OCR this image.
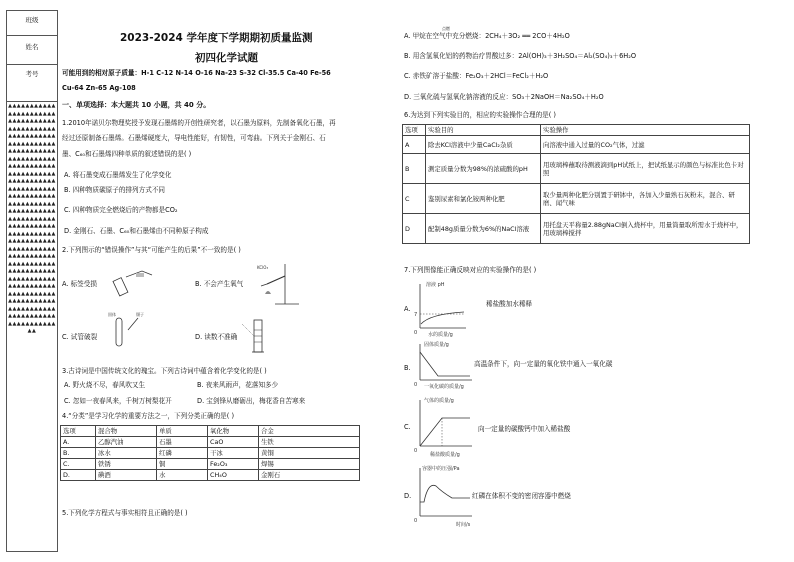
班级
姓名
考号
▲▲▲▲▲▲▲▲▲▲▲▲▲▲▲▲▲▲▲▲▲▲▲▲▲▲▲▲▲▲▲▲▲▲▲▲▲▲▲▲▲▲▲▲▲▲▲▲▲▲▲▲▲▲▲▲▲▲▲▲▲▲▲▲▲▲▲▲▲▲▲▲▲▲▲▲▲▲▲▲▲▲▲▲▲▲▲▲▲▲▲▲▲▲▲▲▲▲▲▲▲▲▲▲▲▲▲▲▲▲▲▲▲▲▲▲▲▲▲▲▲▲▲▲▲▲▲▲▲▲▲▲▲▲▲▲▲▲▲▲▲▲▲▲▲▲▲▲▲▲▲▲▲▲▲▲▲▲▲▲▲▲▲▲▲▲▲▲▲▲▲▲▲▲▲▲▲▲▲▲▲▲▲▲▲▲▲▲▲▲▲▲▲▲▲▲▲▲▲▲▲▲▲▲▲▲▲▲▲▲▲▲▲▲▲▲▲▲▲▲▲▲▲▲▲▲▲▲▲▲▲▲▲▲▲▲▲▲▲▲▲▲▲▲▲▲▲▲▲▲▲▲▲▲▲▲▲▲▲▲▲▲▲▲▲▲▲▲▲▲▲▲▲▲▲▲▲▲▲▲▲▲▲▲▲▲▲▲▲▲▲▲▲▲▲▲▲▲▲▲▲▲▲▲▲▲▲▲▲▲▲▲▲▲▲▲▲▲▲▲▲▲▲▲▲▲▲▲▲▲▲▲
2023-2024 学年度下学期期初质量监测
初四化学试题
可能用到的相对原子质量：H-1 C-12 N-14 O-16 Na-23 S-32 Cl-35.5 Ca-40 Fe-56
Cu-64 Zn-65 Ag-108
一、单项选择：本大题共 10 小题，共 40 分。
1.2010年诺贝尔物理奖授予发现石墨烯的开创性研究者，以石墨为原料，先制备氧化石墨，再
经过还原制备石墨烯。石墨烯硬度大，导电性能好，有韧性，可弯曲。下列关于金刚石、石
墨、C₆₀和石墨烯四种单质的叙述错误的是( )
A. 将石墨变成石墨烯发生了化学变化
B. 四种物质碳原子的排列方式不同
C. 四种物质完全燃烧后的产物都是CO₂
D. 金刚石、石墨、C₆₀和石墨烯由不同种原子构成
2.下列图示的“错误操作”与其“可能产生的后果”不一致的是( )
A. 标签受损
KClO₃
B. 不会产生氧气
固体	镊子
C. 试管破裂	D. 读数不准确
3.古诗词是中国传统文化的瑰宝。下列古诗词中蕴含着化学变化的是( )
A. 野火烧不尽，春风吹又生	B. 夜来风雨声，花落知多少
C. 忽如一夜春风来，千树万树梨花开	D. 宝剑锋从磨砺出，梅花香自苦寒来
4.“分类”是学习化学的重要方法之一，下列分类正确的是( )
选项	混合物	单质	氧化物	合金
A.	乙醇汽油	石墨	CaO	生铁
B.	冰水	红磷	干冰	黄铜
C.	铁锈	铜	Fe₂O₃	焊锡
D.	碘酒	水	CH₄O	金刚石
5.下列化学方程式与事实相符且正确的是( )
点燃
A. 甲烷在空气中充分燃烧：2CH₄＋3O₂ ══ 2CO＋4H₂O
B. 用含氢氧化铝的药物治疗胃酸过多：2Al(OH)₃＋3H₂SO₄＝Al₂(SO₄)₃＋6H₂O
C. 赤铁矿溶于盐酸：Fe₂O₃＋2HCl＝FeCl₂＋H₂O
D. 三氧化硫与氢氧化钠溶液的反应：SO₃＋2NaOH＝Na₂SO₄＋H₂O
6.为达到下列实验目的，相应的实验操作合理的是( )
选项	实验目的	实验操作
A	除去KCl溶液中少量CaCl₂杂质	向溶液中通入过量的CO₂气体，过滤
B	测定质量分数为98%的浓硫酸的pH	用玻璃棒蘸取待测液滴到pH试纸上，把试纸显示的颜色与标准比色卡对照
C	鉴别尿素和氯化铵两种化肥	取少量两种化肥分别置于研钵中，各加入少量熟石灰粉末，混合、研磨、闻气味
D	配制48g质量分数为6%的NaCl溶液	用托盘天平称量2.88gNaCl倒入烧杯中，用量筒量取所需水于烧杯中，用玻璃棒搅拌
7.下列图像能正确反映对应的实验操作的是( )
A.
溶液 pH
7
0 水的质量/g
稀盐酸加水稀释
B.
固体质量/g
0 一氧化碳的质量/g
高温条件下，向一定量的氧化铁中通入一氧化碳
C.
气体的质量/g
0
稀盐酸质量/g
向一定量的碳酸钙中加入稀盐酸
D.
容器中的压强/Pa
0
时间/s
红磷在体积不变的密闭容器中燃烧
